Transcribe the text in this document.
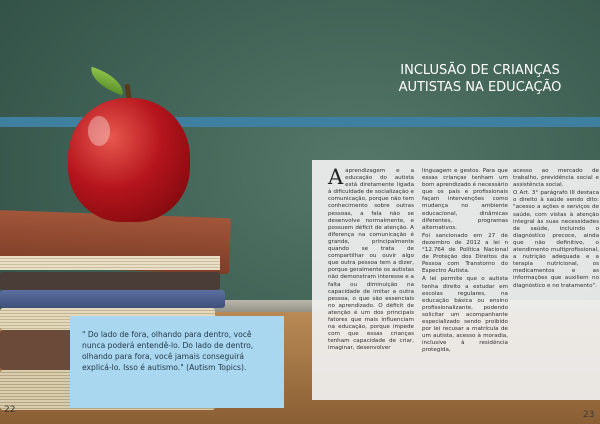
INCLUSÃO DE CRIANÇAS AUTISTAS NA EDUCAÇÃO
A aprendizagem e a educação do autista está diretamente ligada à dificuldade de socialização e comunicação, porque não tem conhecimento sobre outras pessoas, a fala não se desenvolve normalmente, e possuem déficit de atenção. A diferença na comunicação é grande, principalmente quando se trata de compartilhar ou ouvir algo que outra pessoa tem a dizer, porque geralmente os autistas não demonstram interesse e a falta ou diminuição na capacidade de imitar a outra pessoa, o que são essenciais no aprendizado. O déficit de atenção é um dos principais fatores que mais influenciam na educação, porque impede com que essas crianças tenham capacidade de criar, imaginar, desenvolver

linguagem e gestos. Para que essas crianças tenham um bom aprendizado é necessário que os pais e profissionais façam intervenções como mudança no ambiente educacional, dinâmicas diferentes, programas alternativos.

Foi sancionado em 27 de dezembro de 2012 a lei n °12.764 de Política Nacional de Proteção dos Direitos da Pessoa com Transtorno do Espectro Autista.

A lei permite que o autista tenha direito a estudar em escolas regulares, na educação básica ou ensino profissionalizante, podendo solicitar um acompanhante especializado sendo proibido por lei recusar a matrícula de um autista, acesso à moradia, inclusive à residência protegida,

acesso ao mercado de trabalho, previdência social e assistência social.

O Art. 3° parágrafo III destaca o direito à saúde sendo dito: "acesso a ações e serviços de saúde, com vistas à atenção integral às suas necessidades de saúde, incluindo o diagnóstico precoce, ainda que não definitivo, o atendimento multiprofissional, a nutrição adequada e a terapia nutricional, os medicamentos e as informações que auxiliem no diagnóstico e no tratamento".

" Do lado de fora, olhando para dentro, você nunca poderá entendê-lo. Do lado de dentro, olhando para fora, você jamais conseguirá explicá-lo. Isso é autismo." (Autism Topics).

22	23
